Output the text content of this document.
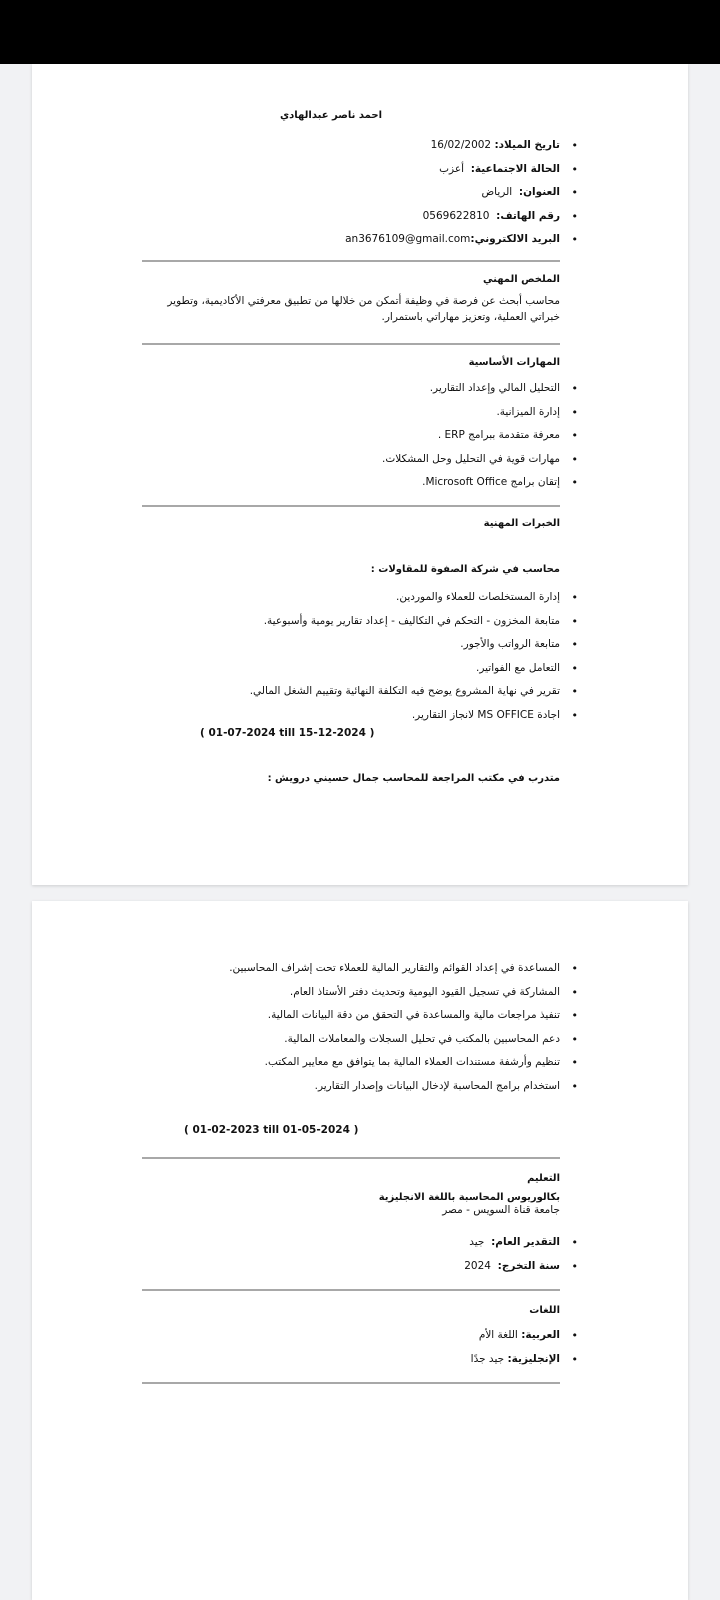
احمد ناصر عبدالهادي
تاريخ الميلاد: 16/02/2002 •
الحالة الاجتماعية:  أعزب •
العنوان:  الرياض •
رقم الهاتف:  0569622810 •
البريد الالكتروني:an3676109@gmail.com •
الملخص المهني
محاسب أبحث عن فرصة في وظيفة أتمكن من خلالها من تطبيق معرفتي الأكاديمية، وتطوير خبراتي العملية، وتعزيز مهاراتي باستمرار.
المهارات الأساسية
التحليل المالي وإعداد التقارير. •
إدارة الميزانية. •
معرفة متقدمة ببرامج ERP . •
مهارات قوية في التحليل وحل المشكلات. •
إتقان برامج Microsoft Office. •
الخبرات المهنية
محاسب في شركة الصفوة للمقاولات :
إدارة المستخلصات للعملاء والموردين. •
متابعة المخزون - التحكم في التكاليف - إعداد تقارير يومية وأسبوعية. •
متابعة الرواتب والأجور. •
التعامل مع الفواتير. •
تقرير في نهاية المشروع يوضح فيه التكلفة النهائية وتقييم الشغل المالي. •
اجادة MS OFFICE لانجاز التقارير. •
( 01-07-2024 till 15-12-2024 )
متدرب في مكتب المراجعة للمحاسب جمال حسيني درويش :
المساعدة في إعداد القوائم والتقارير المالية للعملاء تحت إشراف المحاسبين. •
المشاركة في تسجيل القيود اليومية وتحديث دفتر الأستاذ العام. •
تنفيذ مراجعات مالية والمساعدة في التحقق من دقة البيانات المالية. •
دعم المحاسبين بالمكتب في تحليل السجلات والمعاملات المالية. •
تنظيم وأرشفة مستندات العملاء المالية بما يتوافق مع معايير المكتب. •
استخدام برامج المحاسبة لإدخال البيانات وإصدار التقارير. •
( 01-02-2023 till 01-05-2024 )
التعليم
بكالوريوس المحاسبة باللغة الانجليزية
جامعة قناة السويس - مصر
التقدير العام:  جيد •
سنة التخرج:  2024 •
اللغات
العربية: اللغة الأم •
الإنجليزية: جيد جدًا •
